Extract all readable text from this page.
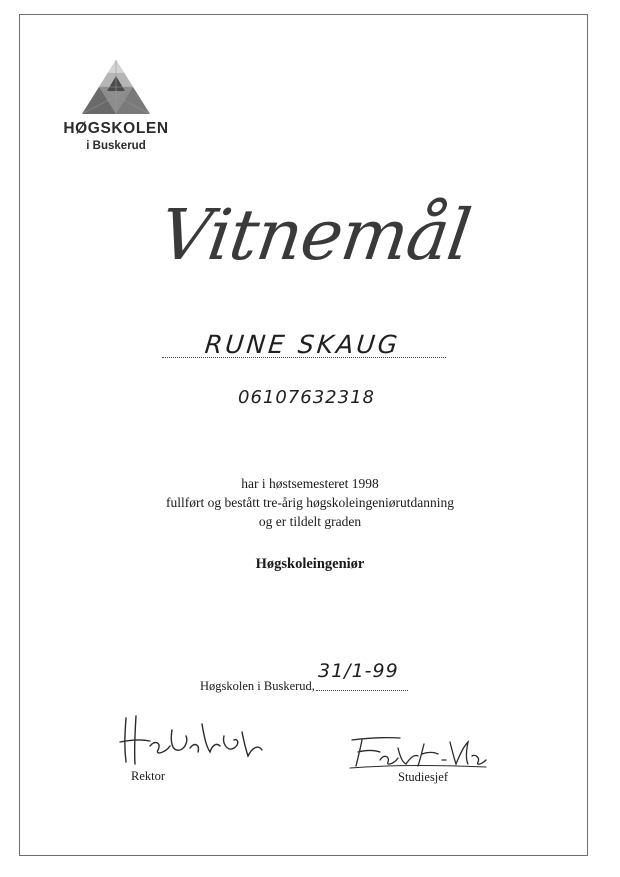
HØGSKOLEN
i Buskerud
Vitnemål
RUNE SKAUG
06107632318
har i høstsemesteret 1998
fullført og bestått tre-årig høgskoleingeniørutdanning
og er tildelt graden
Høgskoleingeniør
31/1-99
Høgskolen i Buskerud,
Rektor	Studiesjef
